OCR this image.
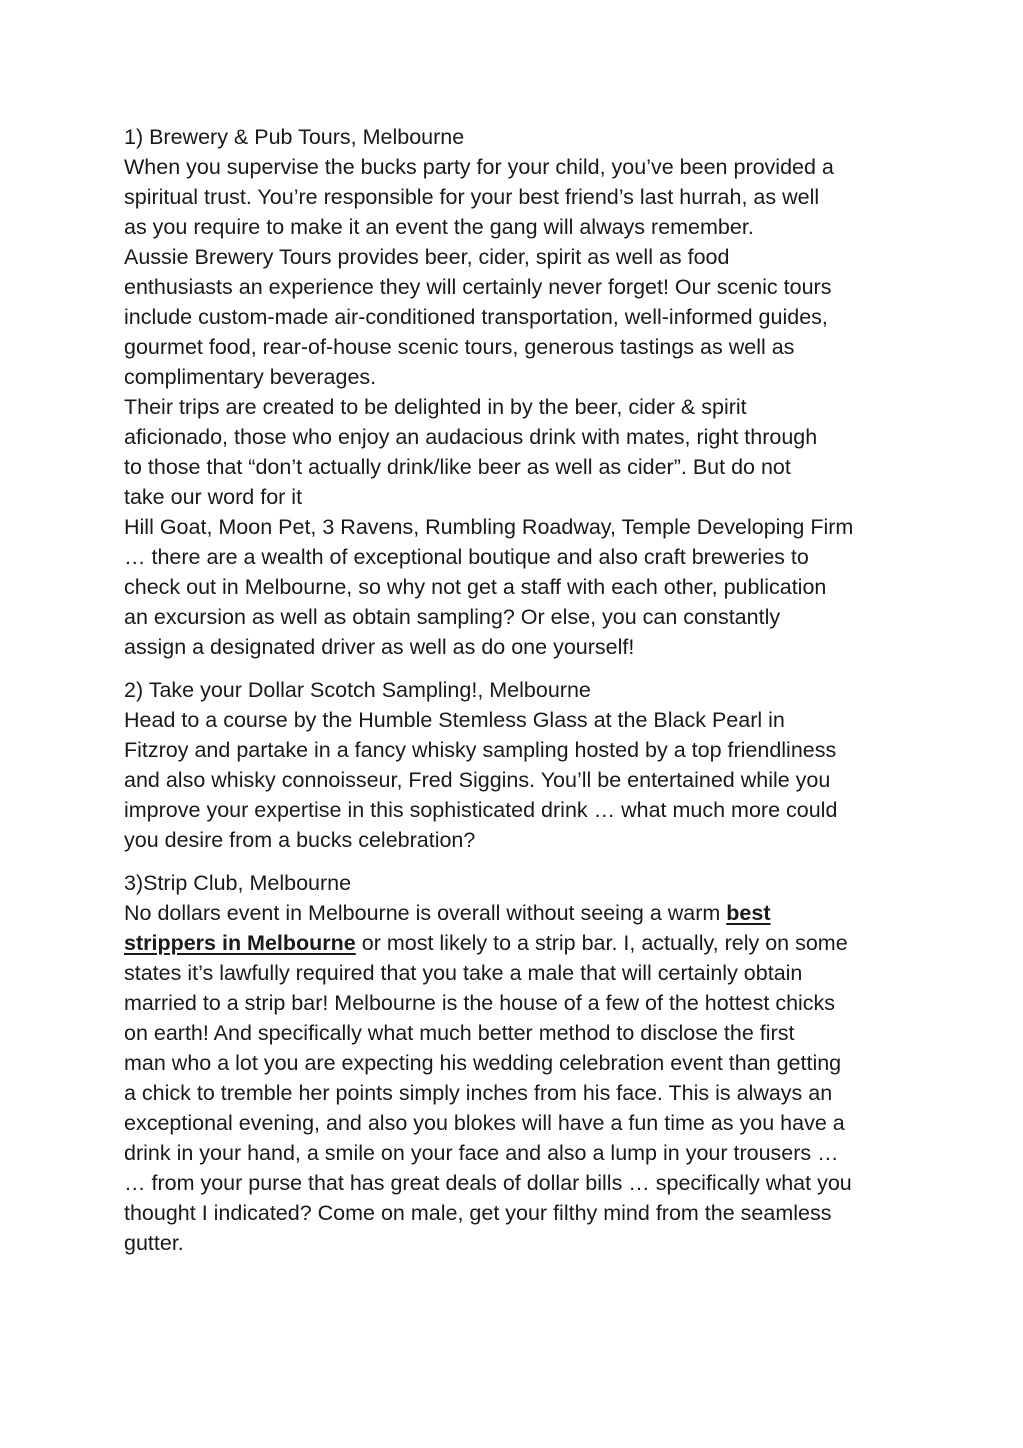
1) Brewery & Pub Tours, Melbourne
When you supervise the bucks party for your child, you’ve been provided a
spiritual trust. You’re responsible for your best friend’s last hurrah, as well
as you require to make it an event the gang will always remember.
Aussie Brewery Tours provides beer, cider, spirit as well as food
enthusiasts an experience they will certainly never forget! Our scenic tours
include custom-made air-conditioned transportation, well-informed guides,
gourmet food, rear-of-house scenic tours, generous tastings as well as
complimentary beverages.
Their trips are created to be delighted in by the beer, cider & spirit
aficionado, those who enjoy an audacious drink with mates, right through
to those that “don’t actually drink/like beer as well as cider”. But do not
take our word for it
Hill Goat, Moon Pet, 3 Ravens, Rumbling Roadway, Temple Developing Firm
… there are a wealth of exceptional boutique and also craft breweries to
check out in Melbourne, so why not get a staff with each other, publication
an excursion as well as obtain sampling? Or else, you can constantly
assign a designated driver as well as do one yourself!
2) Take your Dollar Scotch Sampling!, Melbourne
Head to a course by the Humble Stemless Glass at the Black Pearl in
Fitzroy and partake in a fancy whisky sampling hosted by a top friendliness
and also whisky connoisseur, Fred Siggins. You’ll be entertained while you
improve your expertise in this sophisticated drink … what much more could
you desire from a bucks celebration?
3)Strip Club, Melbourne
No dollars event in Melbourne is overall without seeing a warm best
strippers in Melbourne or most likely to a strip bar. I, actually, rely on some
states it’s lawfully required that you take a male that will certainly obtain
married to a strip bar! Melbourne is the house of a few of the hottest chicks
on earth! And specifically what much better method to disclose the first
man who a lot you are expecting his wedding celebration event than getting
a chick to tremble her points simply inches from his face. This is always an
exceptional evening, and also you blokes will have a fun time as you have a
drink in your hand, a smile on your face and also a lump in your trousers …
… from your purse that has great deals of dollar bills … specifically what you
thought I indicated? Come on male, get your filthy mind from the seamless
gutter.
